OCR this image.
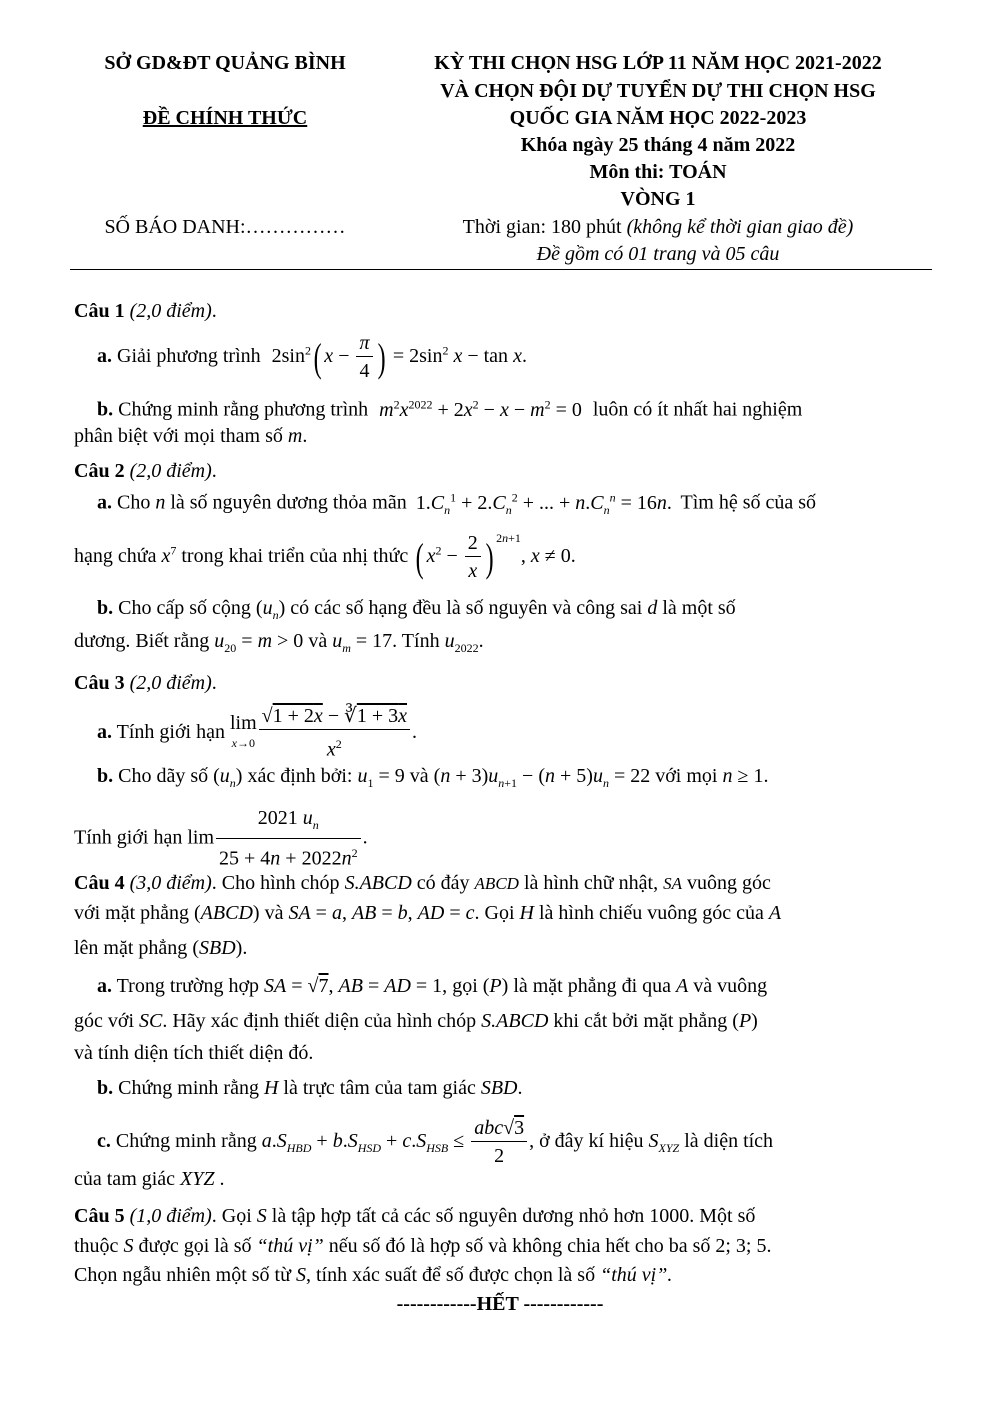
SỞ GD&ĐT QUẢNG BÌNH
ĐỀ CHÍNH THỨC
SỐ BÁO DANH:……………
KỲ THI CHỌN HSG LỚP 11 NĂM HỌC 2021-2022
VÀ CHỌN ĐỘI DỰ TUYỂN DỰ THI CHỌN HSG
QUỐC GIA NĂM HỌC 2022-2023
Khóa ngày 25 tháng 4 năm 2022
Môn thi: TOÁN
VÒNG 1
Thời gian: 180 phút (không kể thời gian giao đề)
Đề gồm có 01 trang và 05 câu
Câu 1 (2,0 điểm).
a. Giải phương trình $2\sin^2$( $x - \frac{\pi}{4}$ ) = $2\sin^2$ x − tan x.
b. Chứng minh rằng phương trình $m^2x^{2022} + 2x^2 - x - m^2 = 0$ luôn có ít nhất hai nghiệm
phân biệt với mọi tham số m.
Câu 2 (2,0 điểm).
a. Cho n là số nguyên dương thỏa mãn $1.C_n^1 + 2.C_n^2$ + ... + $n.C_n^n = 16n$. Tìm hệ số của số
hạng chứa $x^7$ trong khai triển của nhị thức ( $x^2 - \frac{2}{x}$ ) $^{2n+1}$, x ≠ 0.
b. Cho cấp số cộng $(u_n)$ có các số hạng đều là số nguyên và công sai d là một số
dương. Biết rằng $u_{20} = m > 0$ và $u_m = 17$. Tính $u_{2022}$.
Câu 3 (2,0 điểm).
a. Tính giới hạn lim
$x\to 0 \frac{√1 + 2x - ∛1 + 3x}{x^2}$ .
b. Cho dãy số $(u_n)$ xác định bởi: $u_1 = 9$ và $(n + 3)u_{n+1} - (n + 5)u_n = 22$ với mọi n ≥ 1.
Tính giới hạn $\lim \frac{2021 u_n}{25 + 4n + 2022n^2}$ .
Câu 4 (3,0 điểm). Cho hình chóp S.ABCD có đáy ABCD là hình chữ nhật, SA vuông góc
với mặt phẳng (ABCD) và SA = a, AB = b, AD = c. Gọi H là hình chiếu vuông góc của A
lên mặt phẳng (SBD).
a. Trong trường hợp SA = √7, AB = AD = 1, gọi (P) là mặt phẳng đi qua A và vuông
góc với SC. Hãy xác định thiết diện của hình chóp S.ABCD khi cắt bởi mặt phẳng (P)
và tính diện tích thiết diện đó.
b. Chứng minh rằng H là trực tâm của tam giác SBD.
c. Chứng minh rằng $a.S_{HBD} + b.S_{HSD} + c.S_{HSB} \le \frac{\text{abc√3}}{2}$ , ở đây kí hiệu $S_{XYZ}$ là diện tích
của tam giác XYZ .
Câu 5 (1,0 điểm). Gọi S là tập hợp tất cả các số nguyên dương nhỏ hơn 1000. Một số
thuộc S được gọi là số “thú vị” nếu số đó là hợp số và không chia hết cho ba số 2; 3; 5.
Chọn ngẫu nhiên một số từ S, tính xác suất để số được chọn là số “thú vị”.
------------HẾT ------------
